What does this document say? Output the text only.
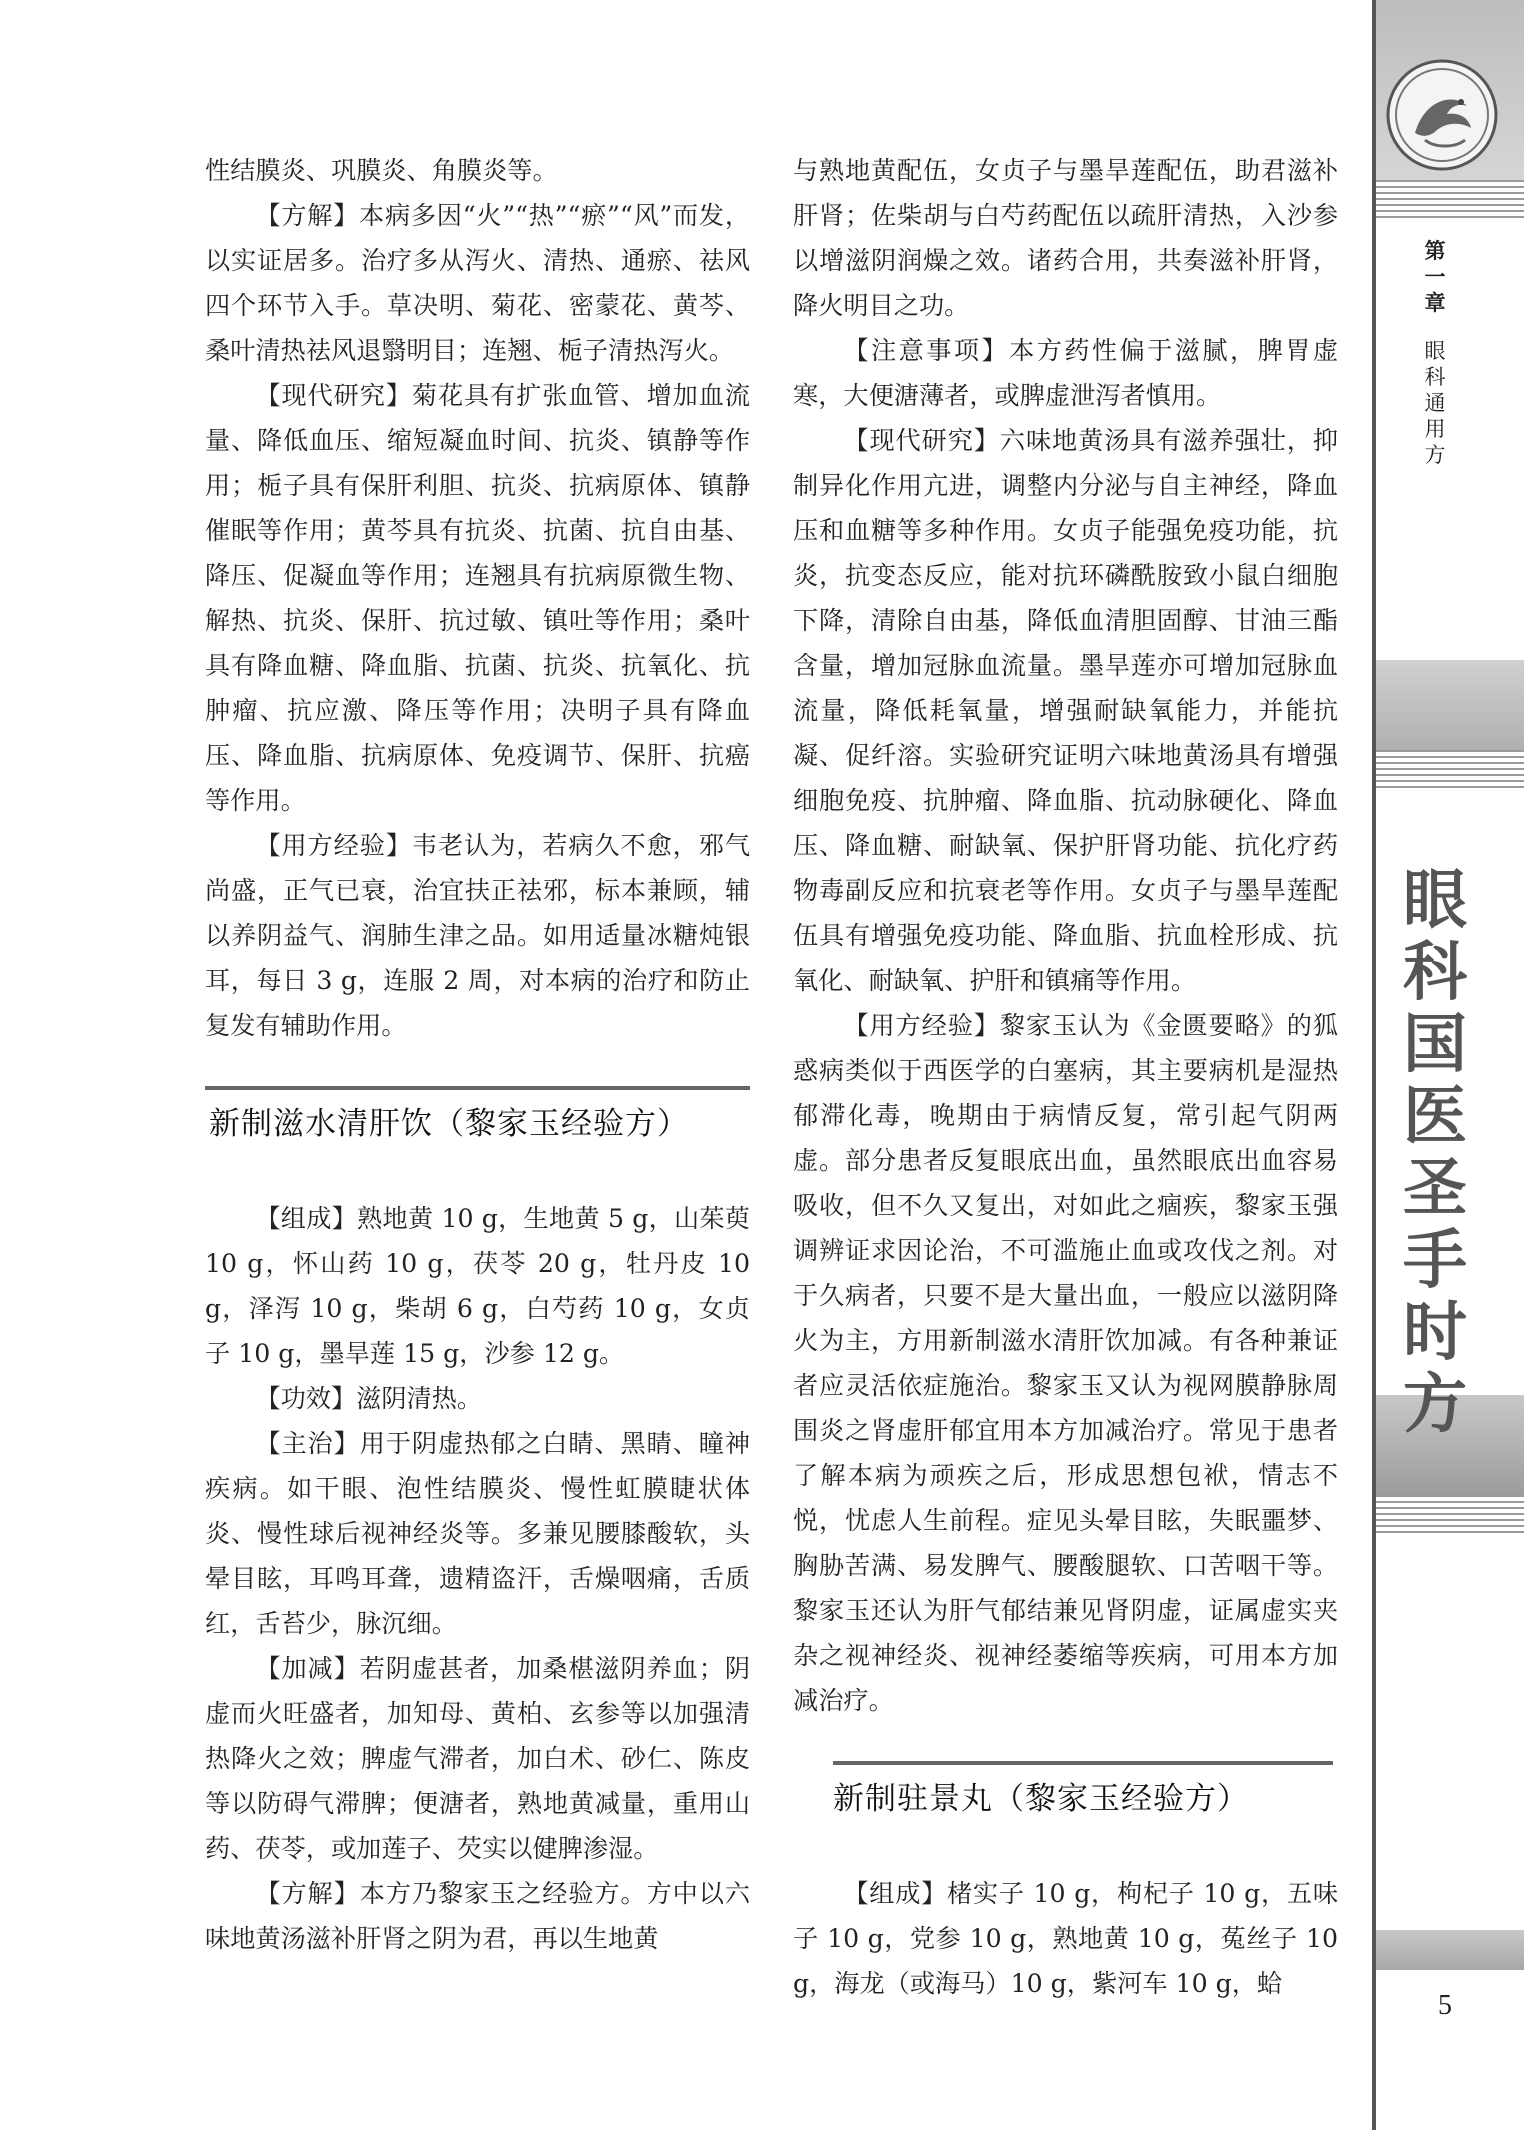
性结膜炎、巩膜炎、角膜炎等。

【方解】本病多因“火”“热”“瘀”“风”而发，以实证居多。治疗多从泻火、清热、通瘀、祛风四个环节入手。草决明、菊花、密蒙花、黄芩、桑叶清热祛风退翳明目；连翘、栀子清热泻火。

【现代研究】菊花具有扩张血管、增加血流量、降低血压、缩短凝血时间、抗炎、镇静等作用；栀子具有保肝利胆、抗炎、抗病原体、镇静催眠等作用；黄芩具有抗炎、抗菌、抗自由基、降压、促凝血等作用；连翘具有抗病原微生物、解热、抗炎、保肝、抗过敏、镇吐等作用；桑叶具有降血糖、降血脂、抗菌、抗炎、抗氧化、抗肿瘤、抗应激、降压等作用；决明子具有降血压、降血脂、抗病原体、免疫调节、保肝、抗癌等作用。

【用方经验】韦老认为，若病久不愈，邪气尚盛，正气已衰，治宜扶正祛邪，标本兼顾，辅以养阴益气、润肺生津之品。如用适量冰糖炖银耳，每日 3 g，连服 2 周，对本病的治疗和防止复发有辅助作用。

新制滋水清肝饮（黎家玉经验方）

【组成】熟地黄 10 g，生地黄 5 g，山茱萸 10 g，怀山药 10 g，茯苓 20 g，牡丹皮 10 g，泽泻 10 g，柴胡 6 g，白芍药 10 g，女贞子 10 g，墨旱莲 15 g，沙参 12 g。

【功效】滋阴清热。

【主治】用于阴虚热郁之白睛、黑睛、瞳神疾病。如干眼、泡性结膜炎、慢性虹膜睫状体炎、慢性球后视神经炎等。多兼见腰膝酸软，头晕目眩，耳鸣耳聋，遗精盗汗，舌燥咽痛，舌质红，舌苔少，脉沉细。

【加减】若阴虚甚者，加桑椹滋阴养血；阴虚而火旺盛者，加知母、黄柏、玄参等以加强清热降火之效；脾虚气滞者，加白术、砂仁、陈皮等以防碍气滞脾；便溏者，熟地黄减量，重用山药、茯苓，或加莲子、芡实以健脾渗湿。

【方解】本方乃黎家玉之经验方。方中以六味地黄汤滋补肝肾之阴为君，再以生地黄

与熟地黄配伍，女贞子与墨旱莲配伍，助君滋补肝肾；佐柴胡与白芍药配伍以疏肝清热，入沙参以增滋阴润燥之效。诸药合用，共奏滋补肝肾，降火明目之功。

【注意事项】本方药性偏于滋腻，脾胃虚寒，大便溏薄者，或脾虚泄泻者慎用。

【现代研究】六味地黄汤具有滋养强壮，抑制异化作用亢进，调整内分泌与自主神经，降血压和血糖等多种作用。女贞子能强免疫功能，抗炎，抗变态反应，能对抗环磷酰胺致小鼠白细胞下降，清除自由基，降低血清胆固醇、甘油三酯含量，增加冠脉血流量。墨旱莲亦可增加冠脉血流量，降低耗氧量，增强耐缺氧能力，并能抗凝、促纤溶。实验研究证明六味地黄汤具有增强细胞免疫、抗肿瘤、降血脂、抗动脉硬化、降血压、降血糖、耐缺氧、保护肝肾功能、抗化疗药物毒副反应和抗衰老等作用。女贞子与墨旱莲配伍具有增强免疫功能、降血脂、抗血栓形成、抗氧化、耐缺氧、护肝和镇痛等作用。

【用方经验】黎家玉认为《金匮要略》的狐惑病类似于西医学的白塞病，其主要病机是湿热郁滞化毒，晚期由于病情反复，常引起气阴两虚。部分患者反复眼底出血，虽然眼底出血容易吸收，但不久又复出，对如此之痼疾，黎家玉强调辨证求因论治，不可滥施止血或攻伐之剂。对于久病者，只要不是大量出血，一般应以滋阴降火为主，方用新制滋水清肝饮加减。有各种兼证者应灵活依症施治。黎家玉又认为视网膜静脉周围炎之肾虚肝郁宜用本方加减治疗。常见于患者了解本病为顽疾之后，形成思想包袱，情志不悦，忧虑人生前程。症见头晕目眩，失眠噩梦、胸胁苦满、易发脾气、腰酸腿软、口苦咽干等。黎家玉还认为肝气郁结兼见肾阴虚，证属虚实夹杂之视神经炎、视神经萎缩等疾病，可用本方加减治疗。

新制驻景丸（黎家玉经验方）

【组成】楮实子 10 g，枸杞子 10 g，五味子 10 g，党参 10 g，熟地黄 10 g，菟丝子 10 g，海龙（或海马）10 g，紫河车 10 g，蛤

第一章
眼科通用方
眼科国医圣手时方
5
